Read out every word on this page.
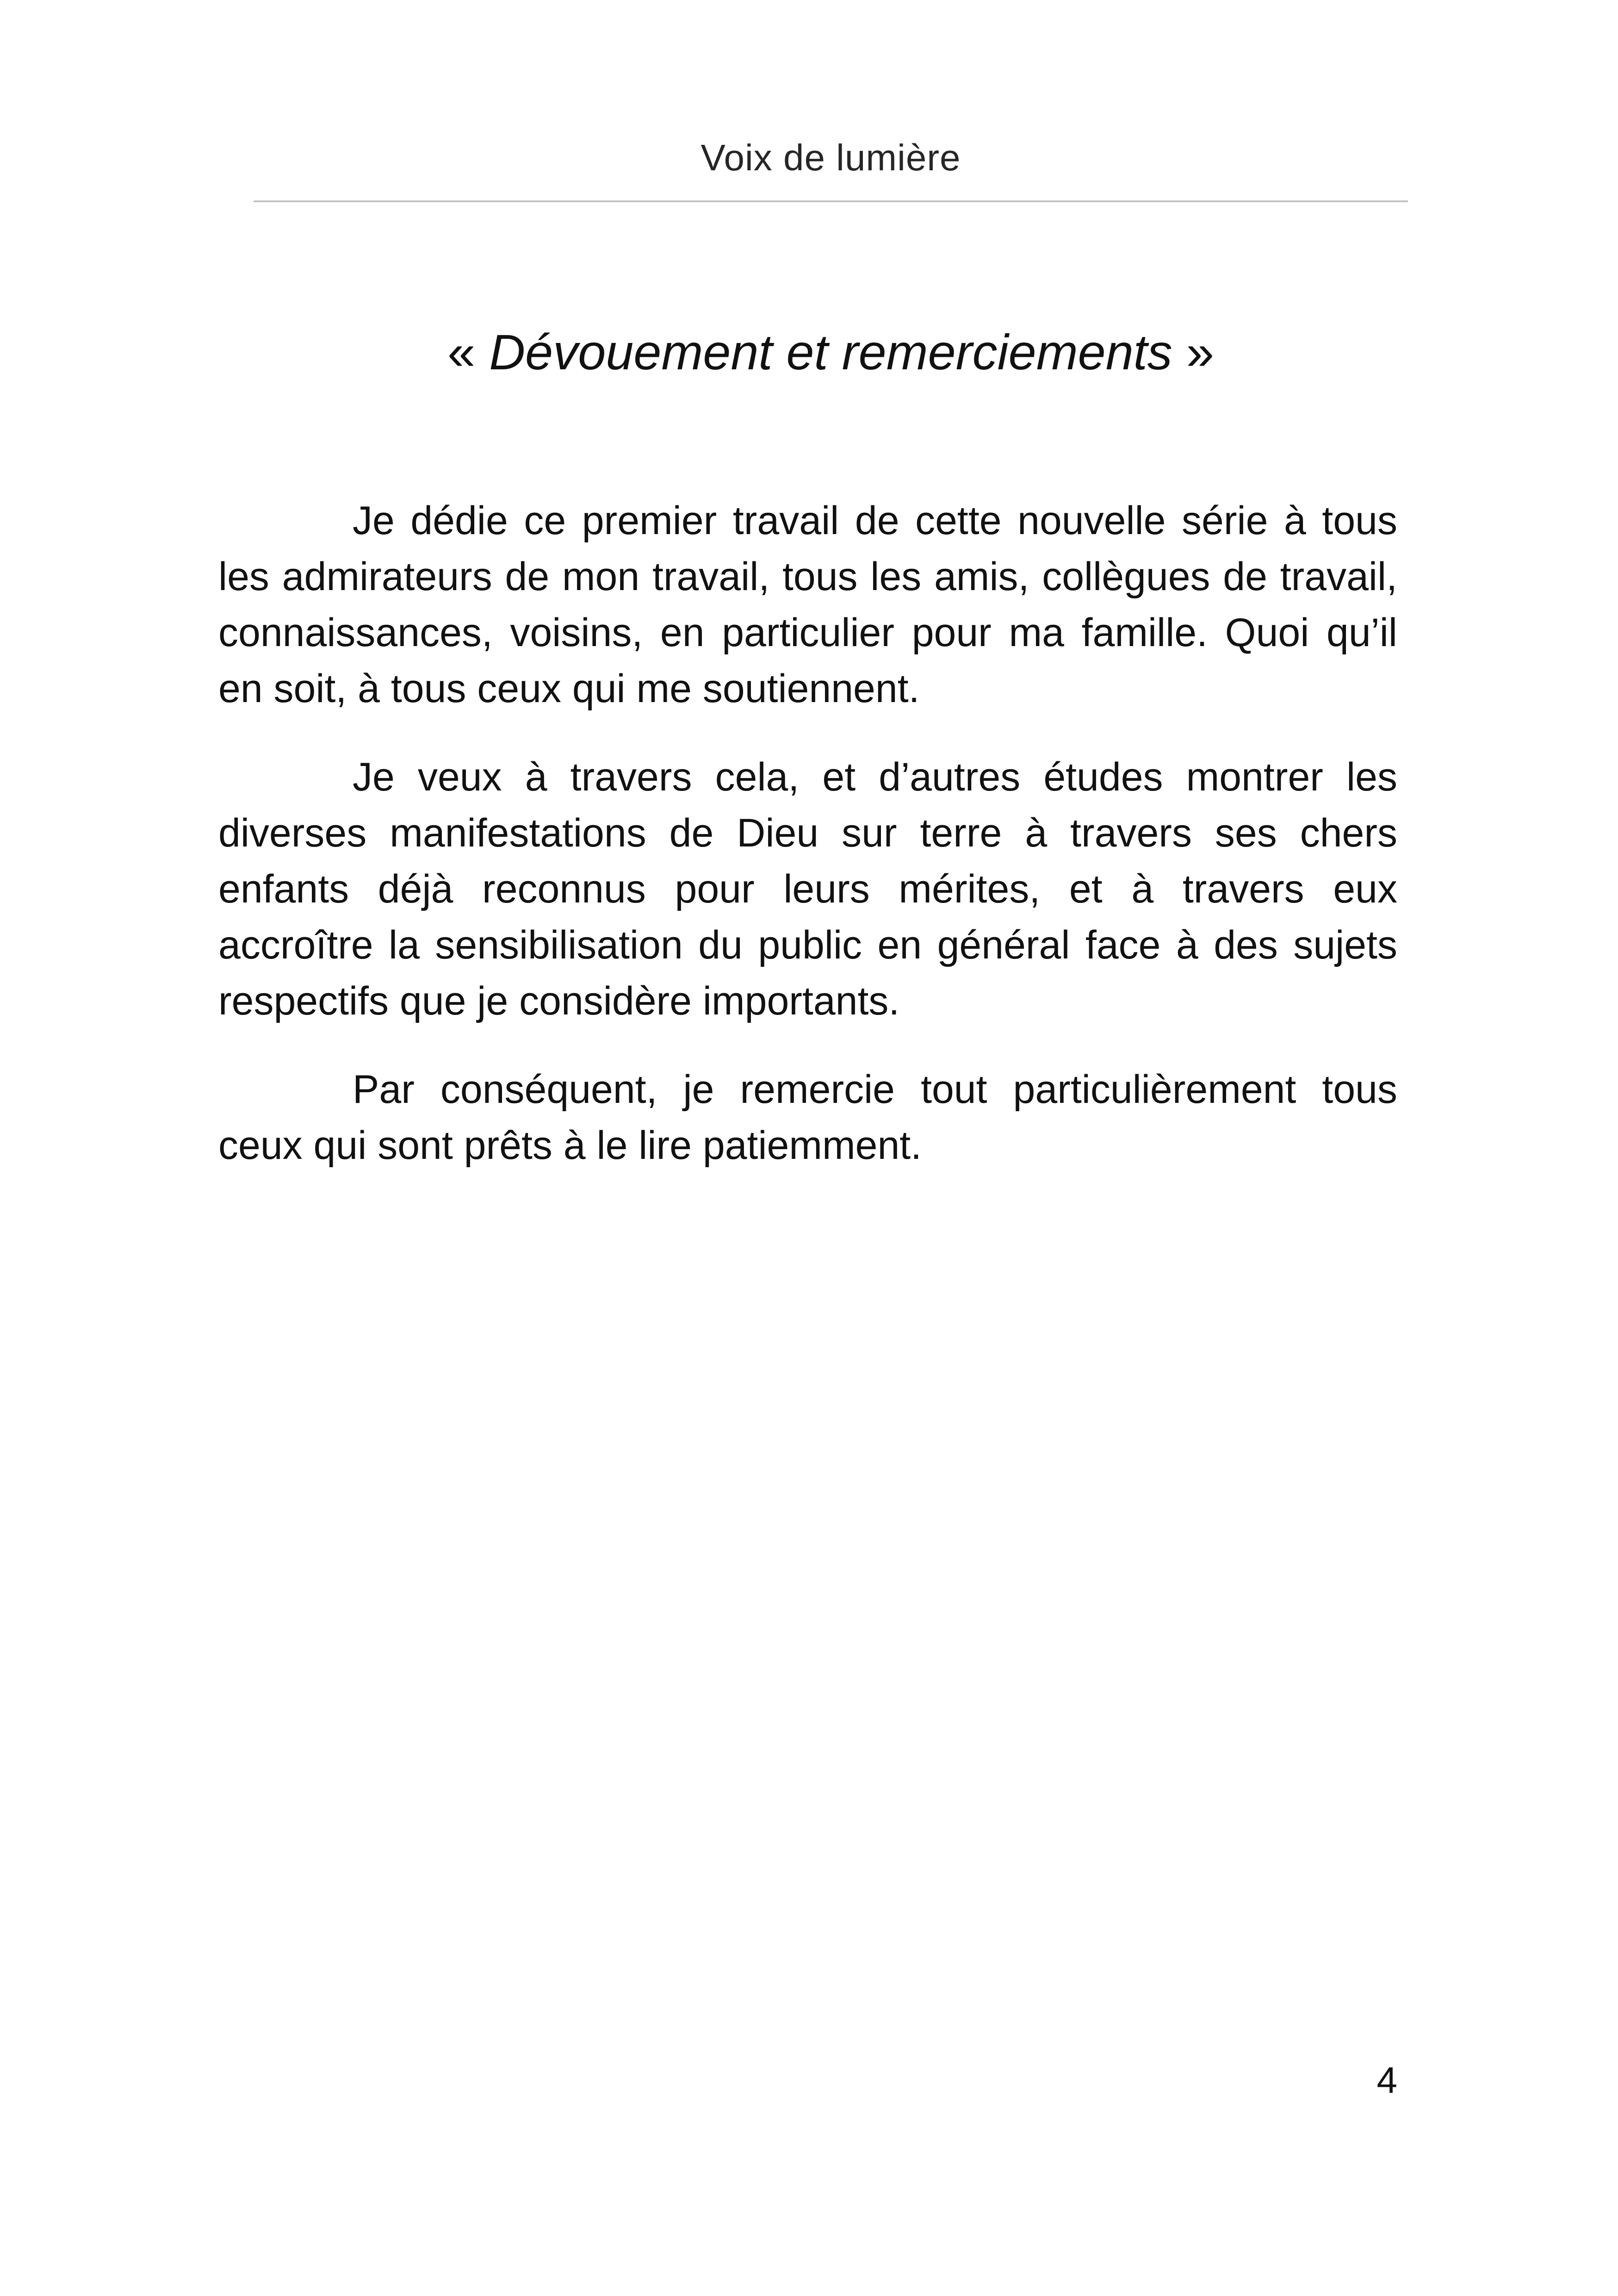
Voix de lumière
« Dévouement et remerciements »

Je dédie ce premier travail de cette nouvelle série à tous les admirateurs de mon travail, tous les amis, collègues de travail, connaissances, voisins, en particulier pour ma famille. Quoi qu’il en soit, à tous ceux qui me soutiennent.

Je veux à travers cela, et d’autres études montrer les diverses manifestations de Dieu sur terre à travers ses chers enfants déjà reconnus pour leurs mérites, et à travers eux accroître la sensibilisation du public en général face à des sujets respectifs que je considère importants.

Par conséquent, je remercie tout particulièrement tous ceux qui sont prêts à le lire patiemment.

4
